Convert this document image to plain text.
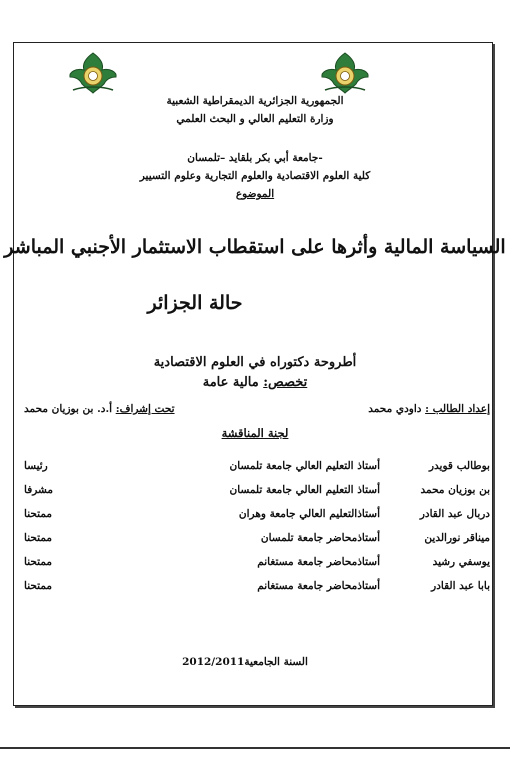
الجمهورية الجزائرية الديمقراطية الشعبية
وزارة التعليم العالي و البحث العلمي
جامعة أبي بكر بلقايد –تلمسان-
كلية العلوم الاقتصادية والعلوم التجارية وعلوم التسيير
الموضوع
السياسة المالية وأثرها على استقطاب الاستثمار الأجنبي المباشر
حالة الجزائر
أطروحة دكتوراه في العلوم الاقتصادية
تخصص: مالية عامة
إعداد الطالب : داودي محمد
تحت إشراف: أ.د. بن بوزيان محمد
لجنة المناقشة
بوطالب قويدر
أستاذ التعليم العالي جامعة تلمسان
رئيسا
بن بوزيان محمد
أستاذ التعليم العالي جامعة تلمسان
مشرفا
دربال عبد القادر
أستاذالتعليم العالي جامعة وهران
ممتحنا
ميناقر نورالدين
أستاذمحاضر جامعة تلمسان
ممتحنا
يوسفي رشيد
أستاذمحاضر جامعة مستغانم
ممتحنا
بابا عبد القادر
أستاذمحاضر جامعة مستغانم
ممتحنا
السنة الجامعية2012/2011
